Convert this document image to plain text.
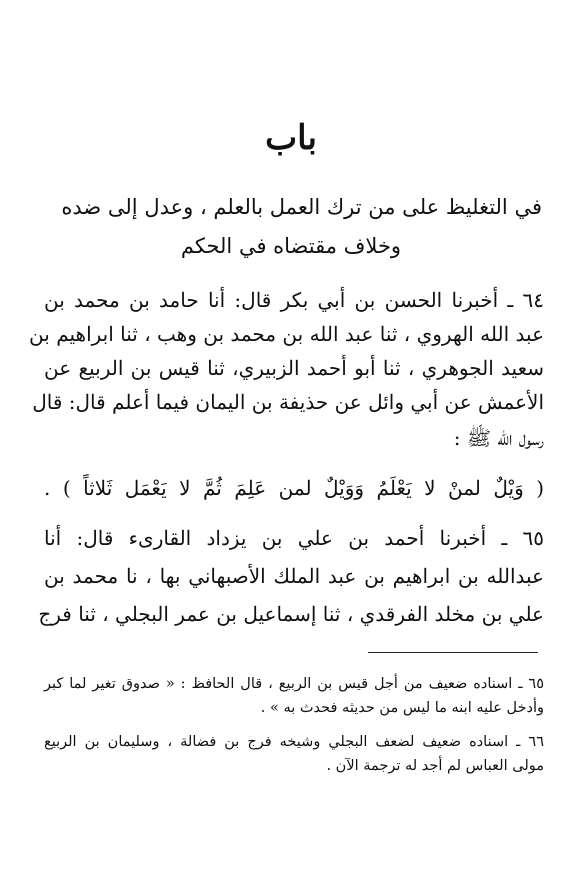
باب
في التغليظ على من ترك العمل بالعلم ، وعدل إلى ضده
وخلاف مقتضاه في الحكم
٦٤ ـ أخبرنا الحسن بن أبي بكر قال: أنا حامد بن محمد بن
عبد الله الهروي ، ثنا عبد الله بن محمد بن وهب ، ثنا ابراهيم بن
سعيد الجوهري ، ثنا أبو أحمد الزبيري، ثنا قيس بن الربيع عن
الأعمش عن أبي وائل عن حذيفة بن اليمان فيما أعلم قال: قال
رسول الله ﷺ :
( وَيْلٌ لمنْ لا يَعْلَمُ وَوَيْلٌ لمن عَلِمَ ثُمَّ لا يَعْمَل ثَلاثاً ) .
٦٥ ـ أخبرنا أحمد بن علي بن يزداد القارىء قال: أنا
عبدالله بن ابراهيم بن عبد الملك الأصبهاني بها ، نا محمد بن
علي بن مخلد الفرقدي ، ثنا إسماعيل بن عمر البجلي ، ثنا فرج
٦٥ ـ اسناده ضعيف من أجل قيس بن الربيع ، قال الحافظ : « صدوق تغير لما كبر
وأدخل عليه ابنه ما ليس من حديثه فحدث به » .
٦٦ ـ اسناده ضعيف لضعف البجلي وشيخه فرج بن فضالة ، وسليمان بن الربيع
مولى العباس لم أجد له ترجمة الآن .
